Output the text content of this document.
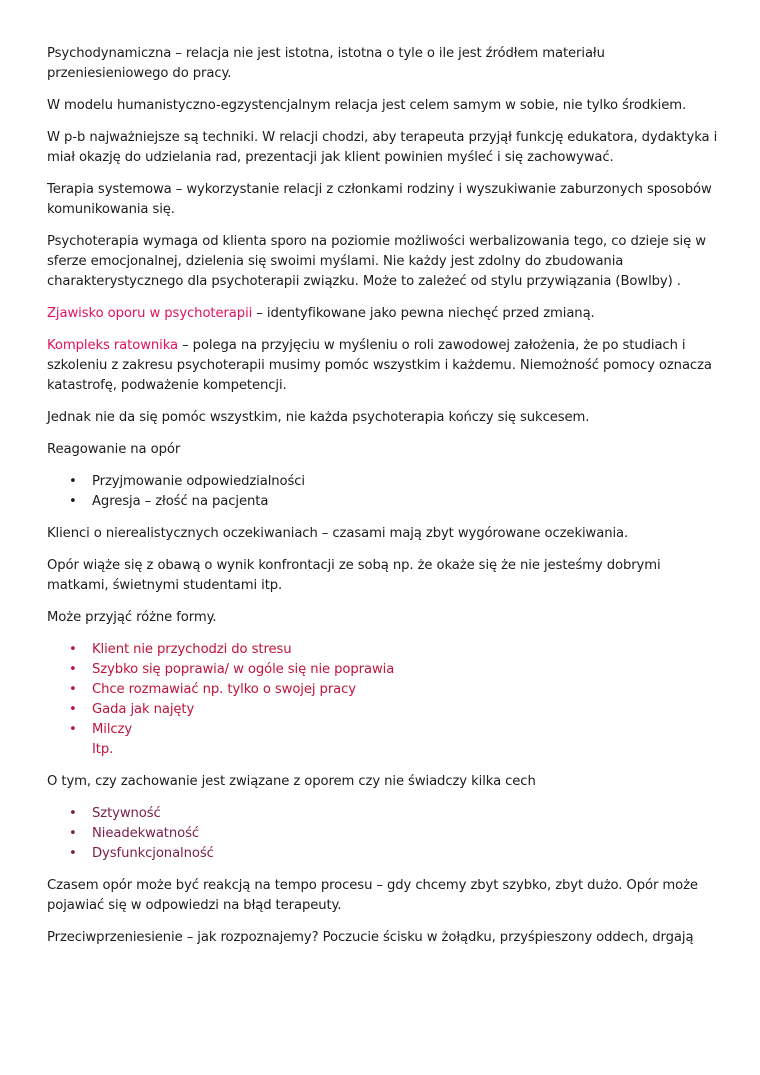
Psychodynamiczna – relacja nie jest istotna, istotna o tyle o ile jest źródłem materiału przeniesieniowego do pracy.

W modelu humanistyczno-egzystencjalnym relacja jest celem samym w sobie, nie tylko środkiem.

W p-b najważniejsze są techniki. W relacji chodzi, aby terapeuta przyjął funkcję edukatora, dydaktyka i miał okazję do udzielania rad, prezentacji jak klient powinien myśleć i się zachowywać.

Terapia systemowa – wykorzystanie relacji z członkami rodziny i wyszukiwanie zaburzonych sposobów komunikowania się.

Psychoterapia wymaga od klienta sporo na poziomie możliwości werbalizowania tego, co dzieje się w sferze emocjonalnej, dzielenia się swoimi myślami. Nie każdy jest zdolny do zbudowania charakterystycznego dla psychoterapii związku. Może to zależeć od stylu przywiązania (Bowlby) .

Zjawisko oporu w psychoterapii – identyfikowane jako pewna niechęć przed zmianą.

Kompleks ratownika – polega na przyjęciu w myśleniu o roli zawodowej założenia, że po studiach i szkoleniu z zakresu psychoterapii musimy pomóc wszystkim i każdemu. Niemożność pomocy oznacza katastrofę, podważenie kompetencji.

Jednak nie da się pomóc wszystkim, nie każda psychoterapia kończy się sukcesem.

Reagowanie na opór

• Przyjmowanie odpowiedzialności
• Agresja – złość na pacjenta

Klienci o nierealistycznych oczekiwaniach – czasami mają zbyt wygórowane oczekiwania.

Opór wiąże się z obawą o wynik konfrontacji ze sobą np. że okaże się że nie jesteśmy dobrymi matkami, świetnymi studentami itp.

Może przyjąć różne formy.

• Klient nie przychodzi do stresu
• Szybko się poprawia/ w ogóle się nie poprawia
• Chce rozmawiać np. tylko o swojej pracy
• Gada jak najęty
• Milczy
Itp.

O tym, czy zachowanie jest związane z oporem czy nie świadczy kilka cech

• Sztywność
• Nieadekwatność
• Dysfunkcjonalność

Czasem opór może być reakcją na tempo procesu – gdy chcemy zbyt szybko, zbyt dużo. Opór może pojawiać się w odpowiedzi na błąd terapeuty.

Przeciwprzeniesienie – jak rozpoznajemy? Poczucie ścisku w żołądku, przyśpieszony oddech, drgają
